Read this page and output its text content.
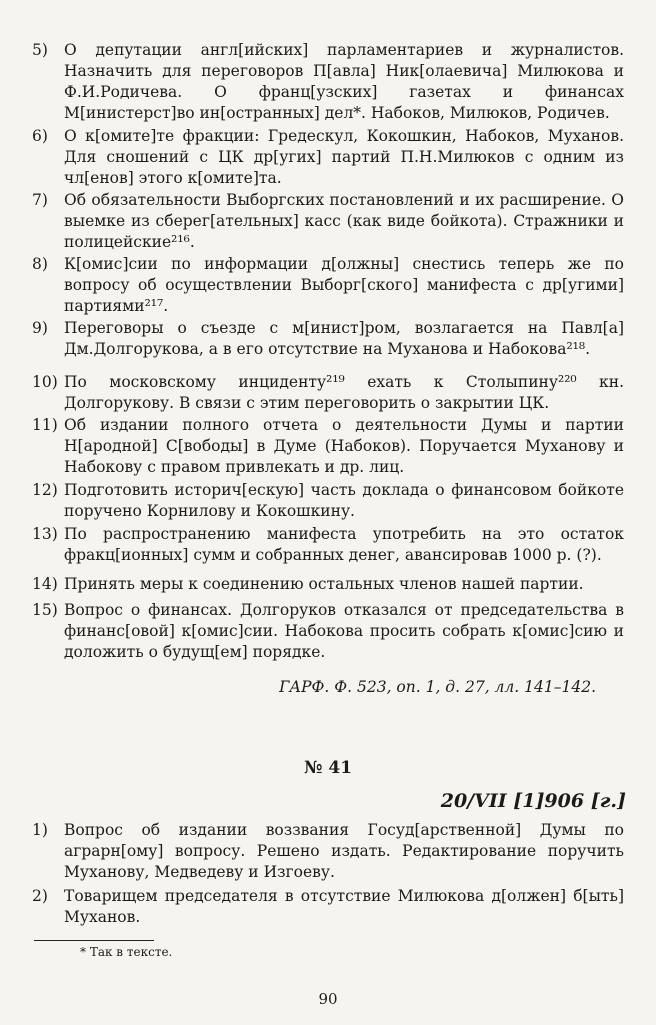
5)	О депутации англ[ийских] парламентариев и журналистов. Назначить для переговоров П[авла] Ник[олаевича] Милюкова и Ф.И.Родичева. О франц[узских] газетах и финансах М[инистерст]во ин[остранных] дел*. Набоков, Милюков, Родичев.
6)	О к[омите]те фракции: Гредескул, Кокошкин, Набоков, Муханов. Для сношений с ЦК др[угих] партий П.Н.Милюков с одним из чл[енов] этого к[омите]та.
7)	Об обязательности Выборгских постановлений и их расширение. О выемке из сберег[ательных] касс (как виде бойкота). Стражники и полицейские²¹⁶.
8)	К[омис]сии по информации д[олжны] снестись теперь же по вопросу об осуществлении Выборг[ского] манифеста с др[угими] партиями²¹⁷.
9)	Переговоры о съезде с м[инист]ром, возлагается на Павл[а] Дм.Долгорукова, а в его отсутствие на Муханова и Набокова²¹⁸.
10) По московскому инциденту²¹⁹ ехать к Столыпину²²⁰ кн. Долгорукову. В связи с этим переговорить о закрытии ЦК.
11) Об издании полного отчета о деятельности Думы и партии Н[ародной] С[вободы] в Думе (Набоков). Поручается Муханову и Набокову с правом привлекать и др. лиц.
12) Подготовить историч[ескую] часть доклада о финансовом бойкоте поручено Корнилову и Кокошкину.
13) По распространению манифеста употребить на это остаток фракц[ионных] сумм и собранных денег, авансировав 1000 р. (?).
14) Принять меры к соединению остальных членов нашей партии.
15) Вопрос о финансах. Долгоруков отказался от председательства в финанс[овой] к[омис]сии. Набокова просить собрать к[омис]сию и доложить о будущ[ем] порядке.
ГАРФ. Ф. 523, оп. 1, д. 27, лл. 141–142.
№ 41
20/VII [1]906 [г.]
1)	Вопрос об издании воззвания Госуд[арственной] Думы по аграрн[ому] вопросу. Решено издать. Редактирование поручить Муханову, Медведеву и Изгоеву.
2)	Товарищем председателя в отсутствие Милюкова д[олжен] б[ыть] Муханов.
* Так в тексте.
90
